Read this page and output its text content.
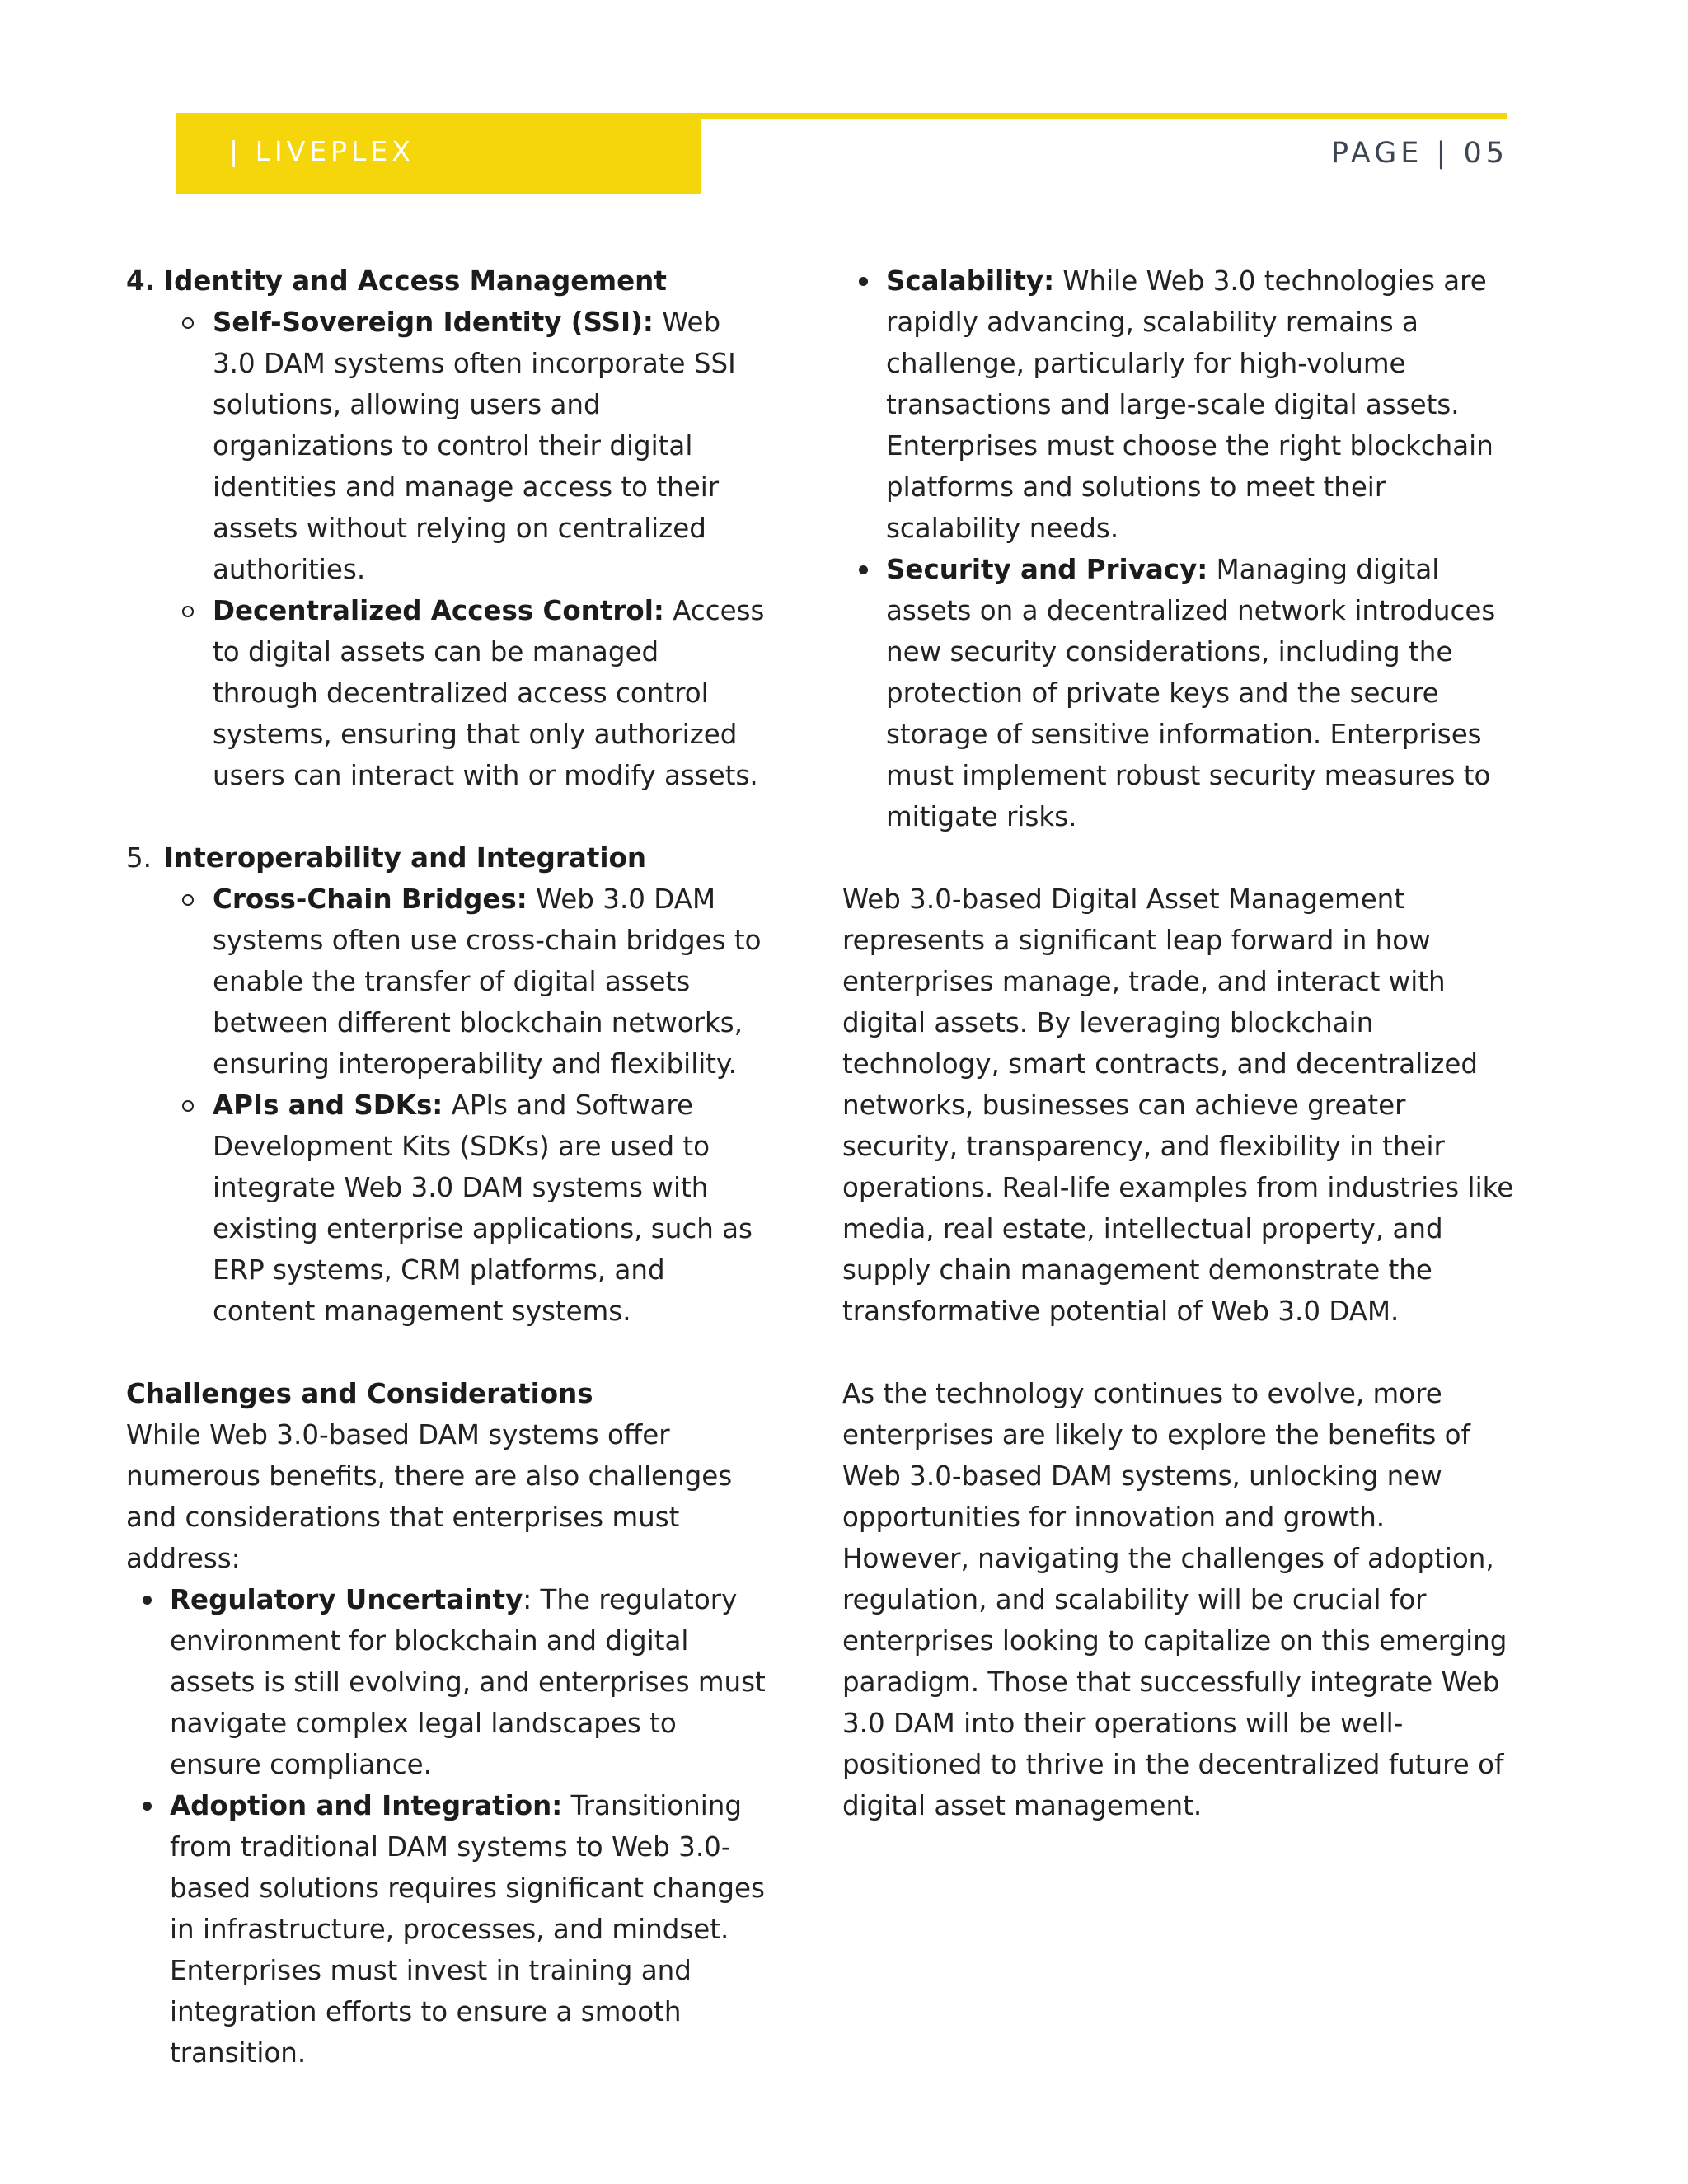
| LIVEPLEX	PAGE | 05
4. Identity and Access Management
Self-Sovereign Identity (SSI): Web 3.0 DAM systems often incorporate SSI solutions, allowing users and organizations to control their digital identities and manage access to their assets without relying on centralized authorities.
Decentralized Access Control: Access to digital assets can be managed through decentralized access control systems, ensuring that only authorized users can interact with or modify assets.
5. Interoperability and Integration
Cross-Chain Bridges: Web 3.0 DAM systems often use cross-chain bridges to enable the transfer of digital assets between different blockchain networks, ensuring interoperability and flexibility.
APIs and SDKs: APIs and Software Development Kits (SDKs) are used to integrate Web 3.0 DAM systems with existing enterprise applications, such as ERP systems, CRM platforms, and content management systems.

Challenges and Considerations

While Web 3.0-based DAM systems offer numerous benefits, there are also challenges and considerations that enterprises must address:

Regulatory Uncertainty: The regulatory environment for blockchain and digital assets is still evolving, and enterprises must navigate complex legal landscapes to ensure compliance.
Adoption and Integration: Transitioning from traditional DAM systems to Web 3.0-based solutions requires significant changes in infrastructure, processes, and mindset. Enterprises must invest in training and integration efforts to ensure a smooth transition.
Scalability: While Web 3.0 technologies are rapidly advancing, scalability remains a challenge, particularly for high-volume transactions and large-scale digital assets. Enterprises must choose the right blockchain platforms and solutions to meet their scalability needs.
Security and Privacy: Managing digital assets on a decentralized network introduces new security considerations, including the protection of private keys and the secure storage of sensitive information. Enterprises must implement robust security measures to mitigate risks.

Web 3.0-based Digital Asset Management represents a significant leap forward in how enterprises manage, trade, and interact with digital assets. By leveraging blockchain technology, smart contracts, and decentralized networks, businesses can achieve greater security, transparency, and flexibility in their operations. Real-life examples from industries like media, real estate, intellectual property, and supply chain management demonstrate the transformative potential of Web 3.0 DAM.

As the technology continues to evolve, more enterprises are likely to explore the benefits of Web 3.0-based DAM systems, unlocking new opportunities for innovation and growth. However, navigating the challenges of adoption, regulation, and scalability will be crucial for enterprises looking to capitalize on this emerging paradigm. Those that successfully integrate Web 3.0 DAM into their operations will be well-positioned to thrive in the decentralized future of digital asset management.
